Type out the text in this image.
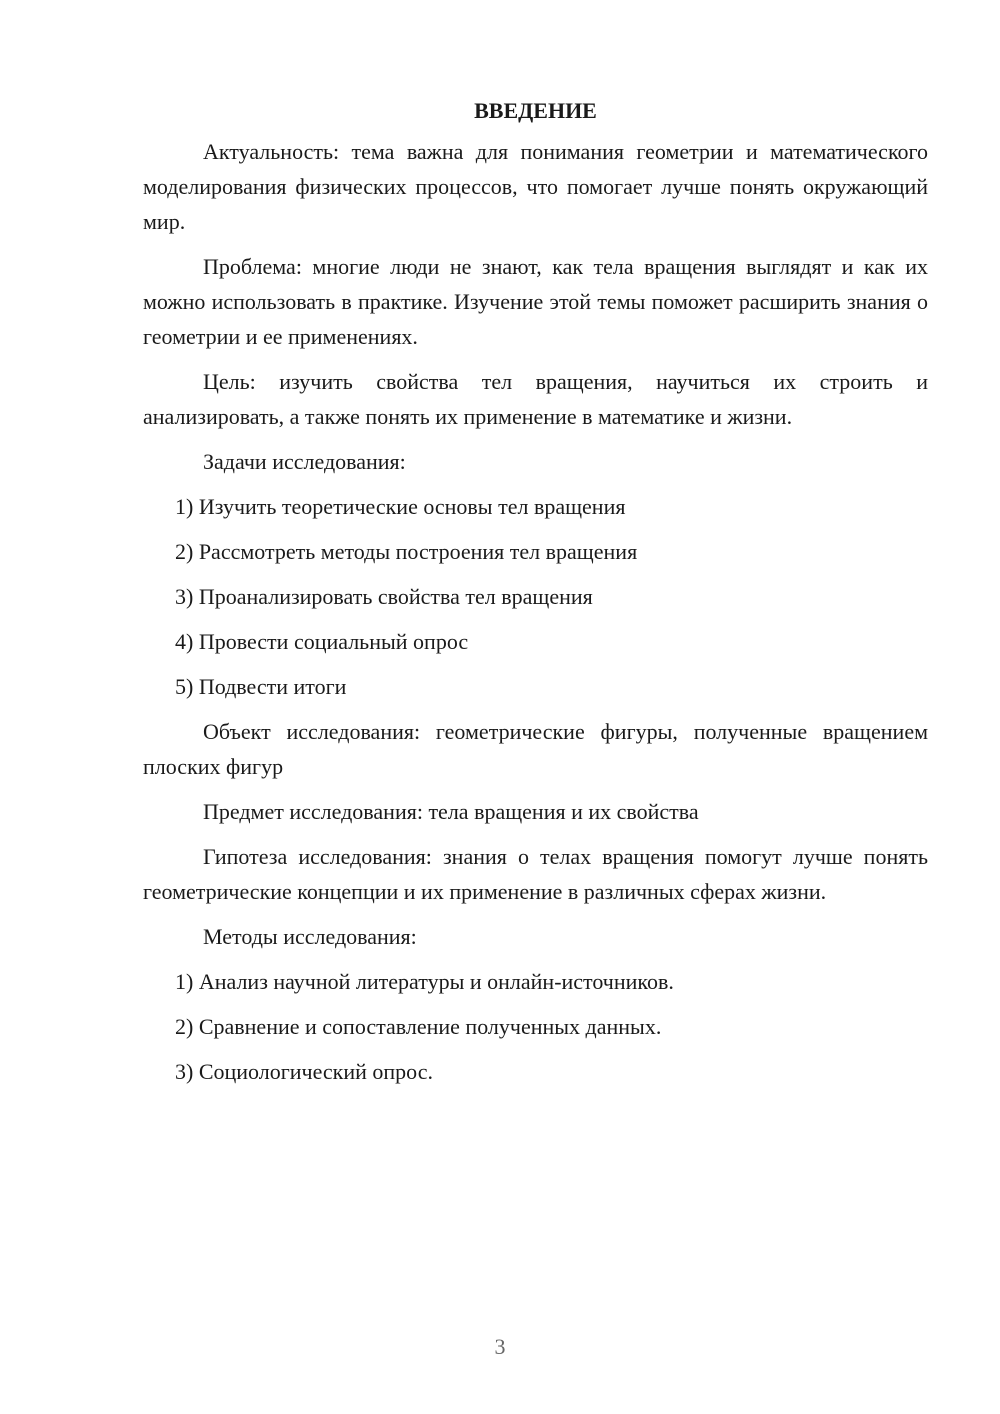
ВВЕДЕНИЕ

Актуальность: тема важна для понимания геометрии и математического моделирования физических процессов, что помогает лучше понять окружающий мир.

Проблема: многие люди не знают, как тела вращения выглядят и как их можно использовать в практике. Изучение этой темы поможет расширить знания о геометрии и ее применениях.

Цель: изучить свойства тел вращения, научиться их строить и анализировать, а также понять их применение в математике и жизни.

Задачи исследования:

1) Изучить теоретические основы тел вращения
2) Рассмотреть методы построения тел вращения
3) Проанализировать свойства тел вращения
4) Провести социальный опрос
5) Подвести итоги

Объект исследования: геометрические фигуры, полученные вращением плоских фигур

Предмет исследования: тела вращения и их свойства

Гипотеза исследования: знания о телах вращения помогут лучше понять геометрические концепции и их применение в различных сферах жизни.

Методы исследования:

1) Анализ научной литературы и онлайн-источников.
2) Сравнение и сопоставление полученных данных.
3) Социологический опрос.
3
